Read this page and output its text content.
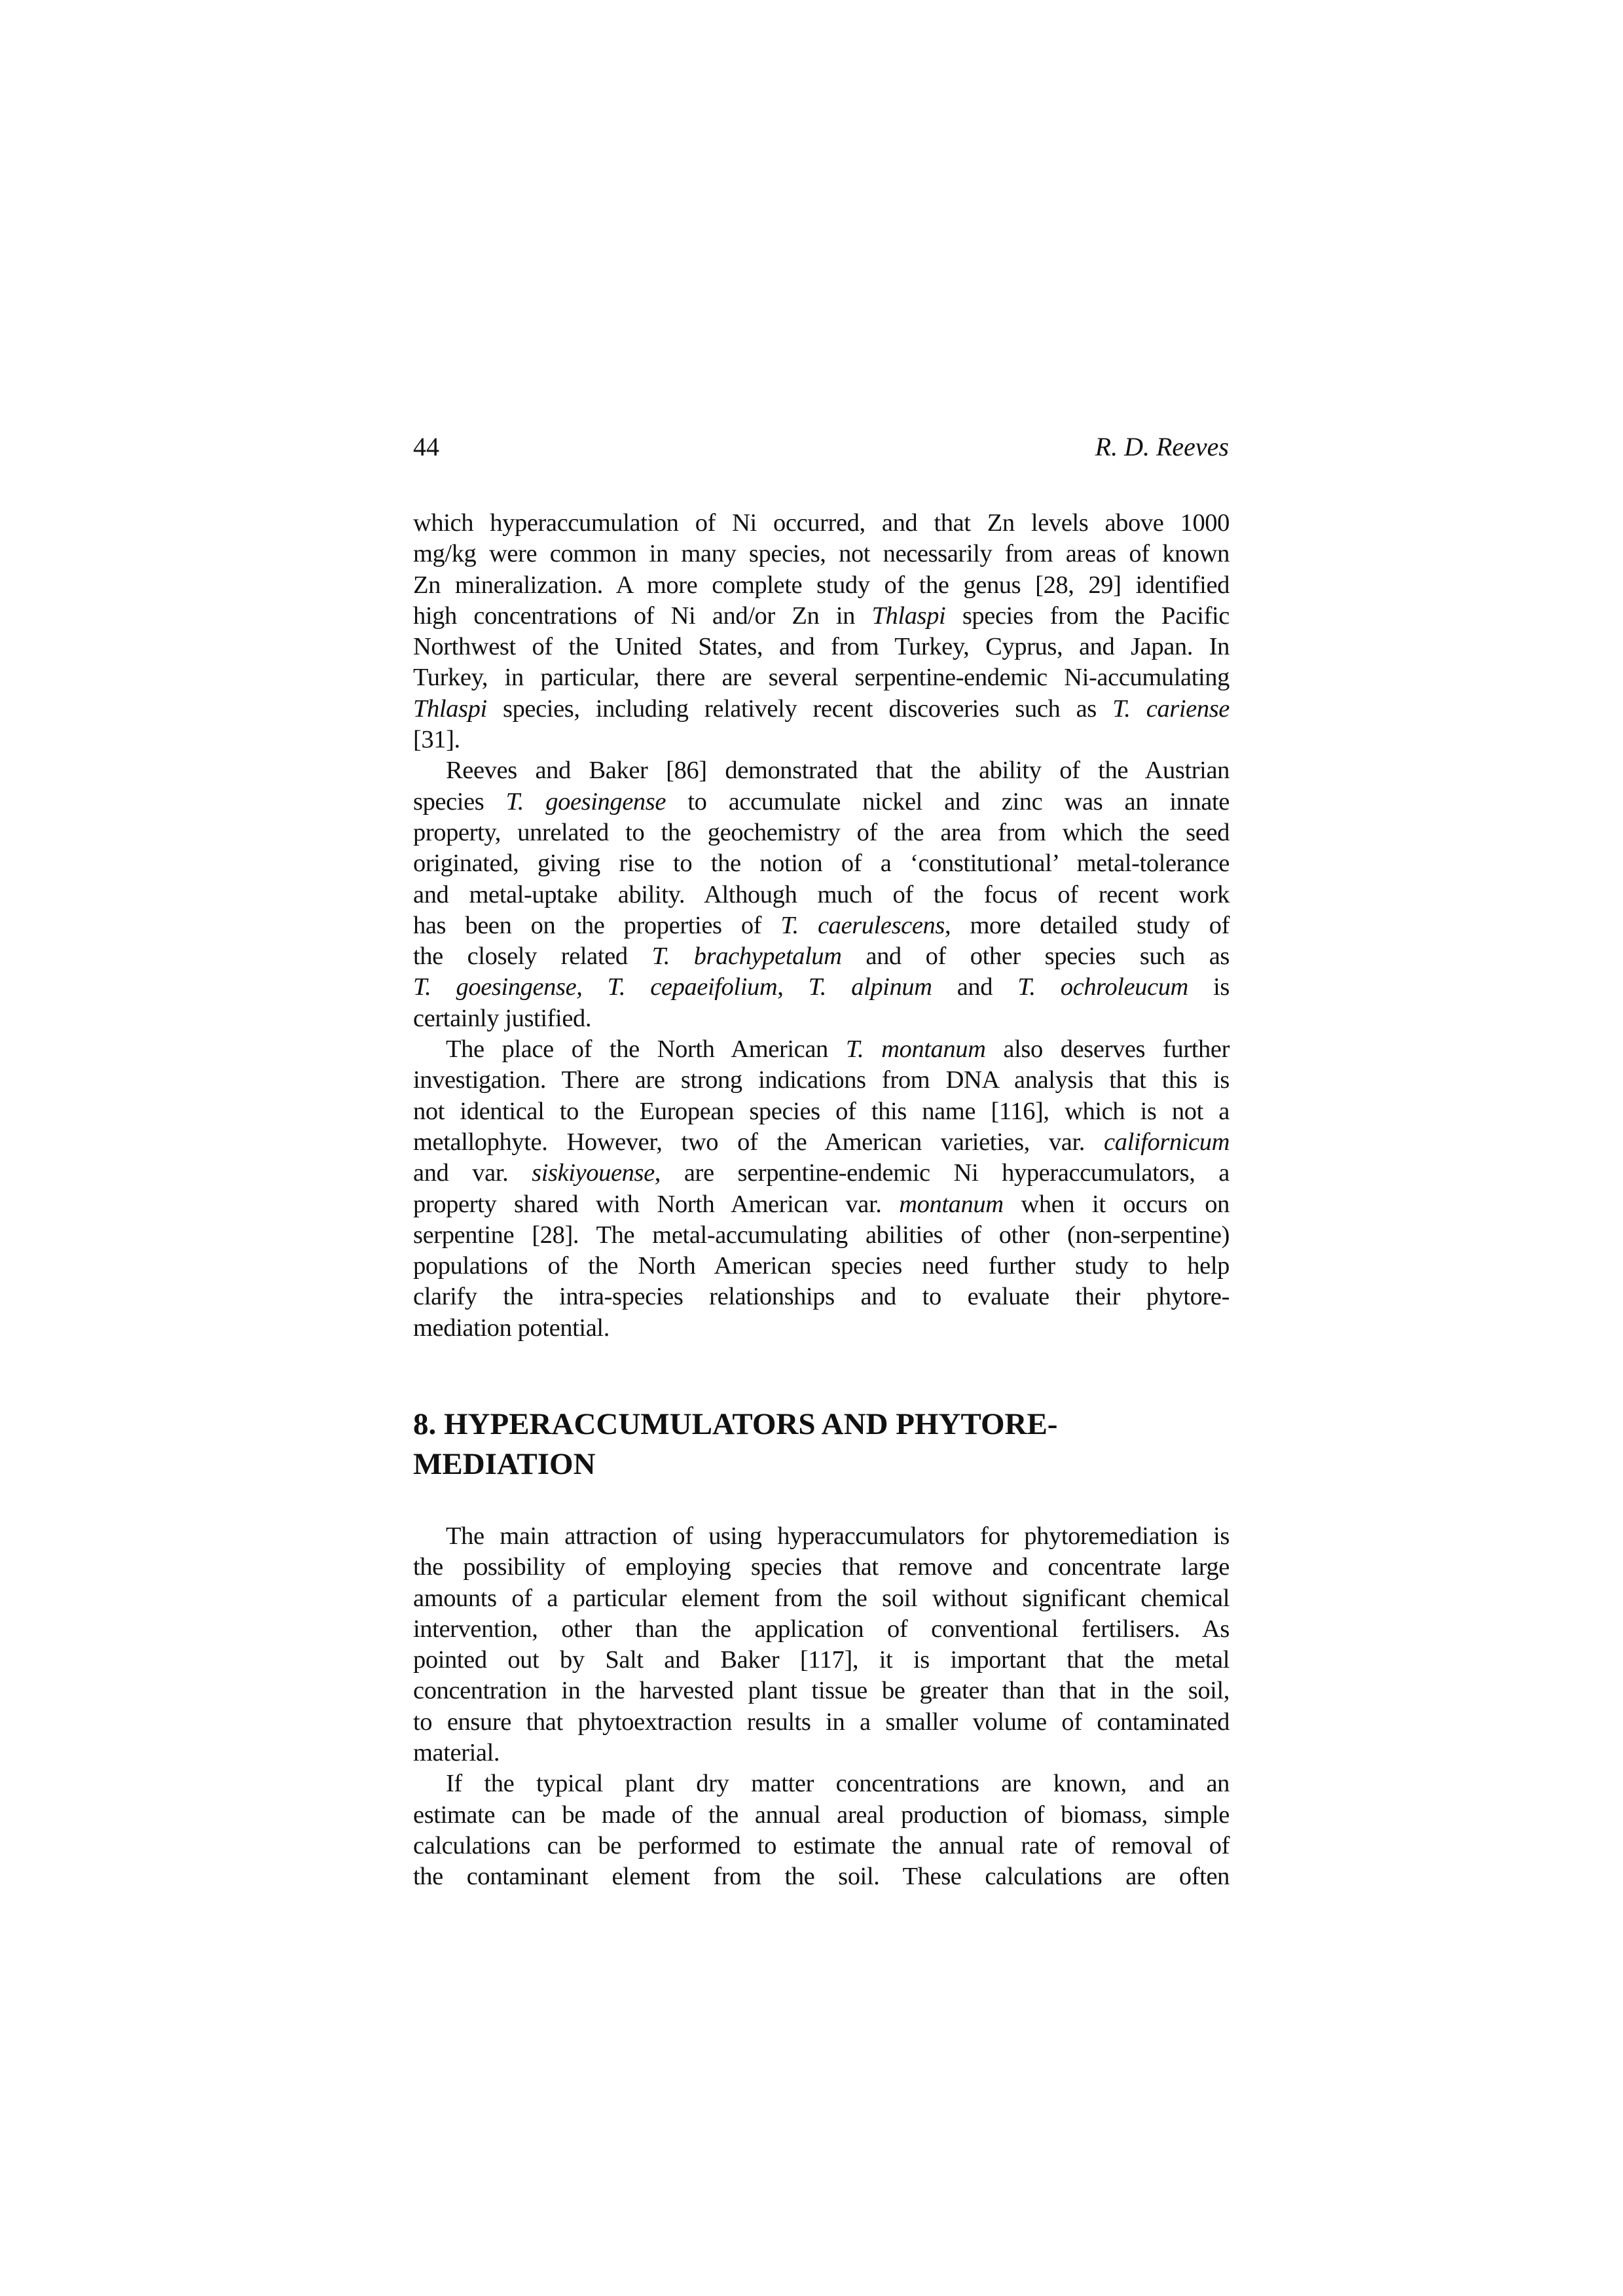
44	R. D. Reeves
which hyperaccumulation of Ni occurred, and that Zn levels above 1000
mg/kg were common in many species, not necessarily from areas of known
Zn mineralization. A more complete study of the genus [28, 29] identified
high concentrations of Ni and/or Zn in Thlaspi species from the Pacific
Northwest of the United States, and from Turkey, Cyprus, and Japan. In
Turkey, in particular, there are several serpentine-endemic Ni-accumulating
Thlaspi species, including relatively recent discoveries such as T. cariense
[31].
Reeves and Baker [86] demonstrated that the ability of the Austrian
species T. goesingense to accumulate nickel and zinc was an innate
property, unrelated to the geochemistry of the area from which the seed
originated, giving rise to the notion of a ‘constitutional’ metal-tolerance
and metal-uptake ability. Although much of the focus of recent work
has been on the properties of T. caerulescens, more detailed study of
the closely related T. brachypetalum and of other species such as
T. goesingense, T. cepaeifolium, T. alpinum and T. ochroleucum is
certainly justified.
The place of the North American T. montanum also deserves further
investigation. There are strong indications from DNA analysis that this is
not identical to the European species of this name [116], which is not a
metallophyte. However, two of the American varieties, var. californicum
and var. siskiyouense, are serpentine-endemic Ni hyperaccumulators, a
property shared with North American var. montanum when it occurs on
serpentine [28]. The metal-accumulating abilities of other (non-serpentine)
populations of the North American species need further study to help
clarify the intra-species relationships and to evaluate their phytore-
mediation potential.
8. HYPERACCUMULATORS AND PHYTORE-
MEDIATION
The main attraction of using hyperaccumulators for phytoremediation is
the possibility of employing species that remove and concentrate large
amounts of a particular element from the soil without significant chemical
intervention, other than the application of conventional fertilisers. As
pointed out by Salt and Baker [117], it is important that the metal
concentration in the harvested plant tissue be greater than that in the soil,
to ensure that phytoextraction results in a smaller volume of contaminated
material.
If the typical plant dry matter concentrations are known, and an
estimate can be made of the annual areal production of biomass, simple
calculations can be performed to estimate the annual rate of removal of
the contaminant element from the soil. These calculations are often
